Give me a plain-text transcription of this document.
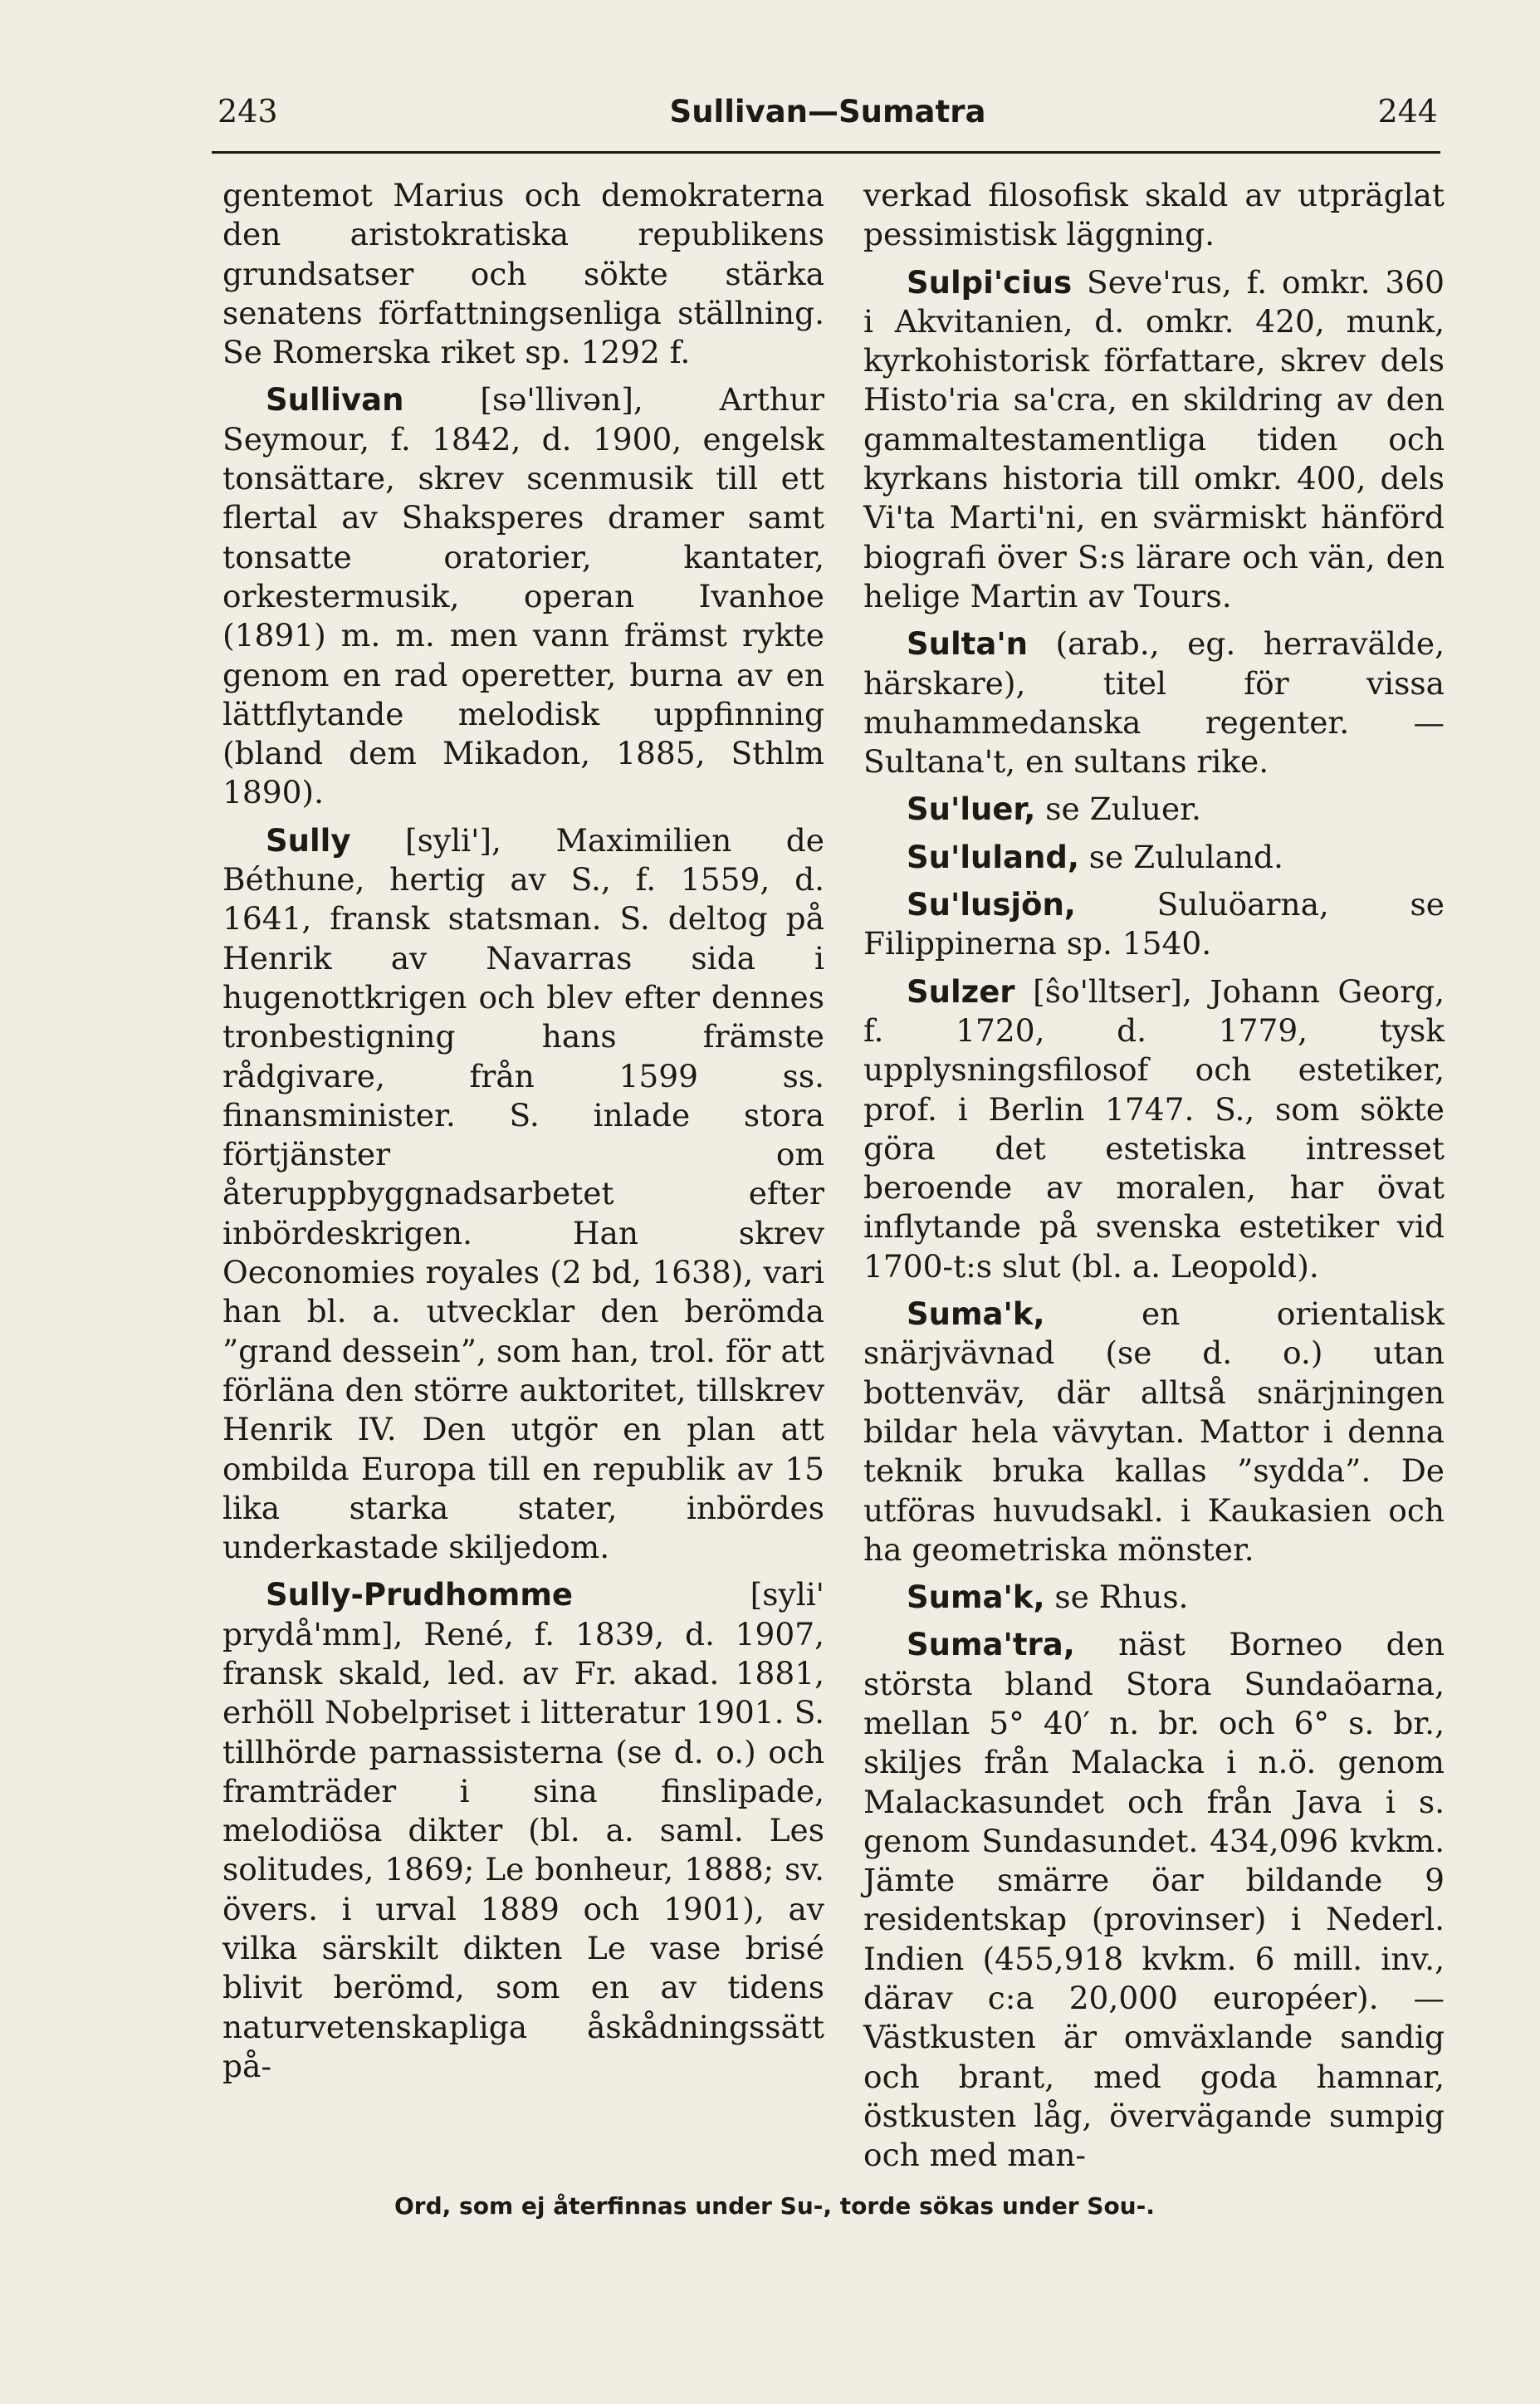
243	Sullivan—Sumatra	244

gentemot Marius och demokraterna den aristokratiska republikens grundsatser och sökte stärka senatens författningsenliga ställning. Se Romerska riket sp. 1292 f.

Sullivan [sə'llivən], Arthur Seymour, f. 1842, d. 1900, engelsk tonsättare, skrev scenmusik till ett flertal av Shaksperes dramer samt tonsatte oratorier, kantater, orkestermusik, operan Ivanhoe (1891) m. m. men vann främst rykte genom en rad operetter, burna av en lättflytande melodisk uppfinning (bland dem Mikadon, 1885, Sthlm 1890).

Sully [syli'], Maximilien de Béthune, hertig av S., f. 1559, d. 1641, fransk statsman. S. deltog på Henrik av Navarras sida i hugenottkrigen och blev efter dennes tronbestigning hans främste rådgivare, från 1599 ss. finansminister. S. inlade stora förtjänster om återuppbyggnadsarbetet efter inbördeskrigen. Han skrev Oeconomies royales (2 bd, 1638), vari han bl. a. utvecklar den berömda ”grand dessein”, som han, trol. för att förläna den större auktoritet, tillskrev Henrik IV. Den utgör en plan att ombilda Europa till en republik av 15 lika starka stater, inbördes underkastade skiljedom.

Sully-Prudhomme [syli' prydå'mm], René, f. 1839, d. 1907, fransk skald, led. av Fr. akad. 1881, erhöll Nobelpriset i litteratur 1901. S. tillhörde parnassisterna (se d. o.) och framträder i sina finslipade, melodiösa dikter (bl. a. saml. Les solitudes, 1869; Le bonheur, 1888; sv. övers. i urval 1889 och 1901), av vilka särskilt dikten Le vase brisé blivit berömd, som en av tidens naturvetenskapliga åskådningssätt på-

verkad filosofisk skald av utpräglat pessimistisk läggning.

Sulpi'cius Seve'rus, f. omkr. 360 i Akvitanien, d. omkr. 420, munk, kyrkohistorisk författare, skrev dels Histo'ria sa'cra, en skildring av den gammaltestamentliga tiden och kyrkans historia till omkr. 400, dels Vi'ta Marti'ni, en svärmiskt hänförd biografi över S:s lärare och vän, den helige Martin av Tours.

Sulta'n (arab., eg. herravälde, härskare), titel för vissa muhammedanska regenter. — Sultana't, en sultans rike.

Su'luer, se Zuluer.

Su'luland, se Zululand.

Su'lusjön, Suluöarna, se Filippinerna sp. 1540.

Sulzer [ŝo'lltser], Johann Georg, f. 1720, d. 1779, tysk upplysningsfilosof och estetiker, prof. i Berlin 1747. S., som sökte göra det estetiska intresset beroende av moralen, har övat inflytande på svenska estetiker vid 1700-t:s slut (bl. a. Leopold).

Suma'k, en orientalisk snärjvävnad (se d. o.) utan bottenväv, där alltså snärjningen bildar hela vävytan. Mattor i denna teknik bruka kallas ”sydda”. De utföras huvudsakl. i Kaukasien och ha geometriska mönster.

Suma'k, se Rhus.

Suma'tra, näst Borneo den största bland Stora Sundaöarna, mellan 5° 40′ n. br. och 6° s. br., skiljes från Malacka i n.ö. genom Malackasundet och från Java i s. genom Sundasundet. 434,096 kvkm. Jämte smärre öar bildande 9 residentskap (provinser) i Nederl. Indien (455,918 kvkm. 6 mill. inv., därav c:a 20,000 européer). — Västkusten är omväxlande sandig och brant, med goda hamnar, östkusten låg, övervägande sumpig och med man-

Ord, som ej återfinnas under Su-, torde sökas under Sou-.
